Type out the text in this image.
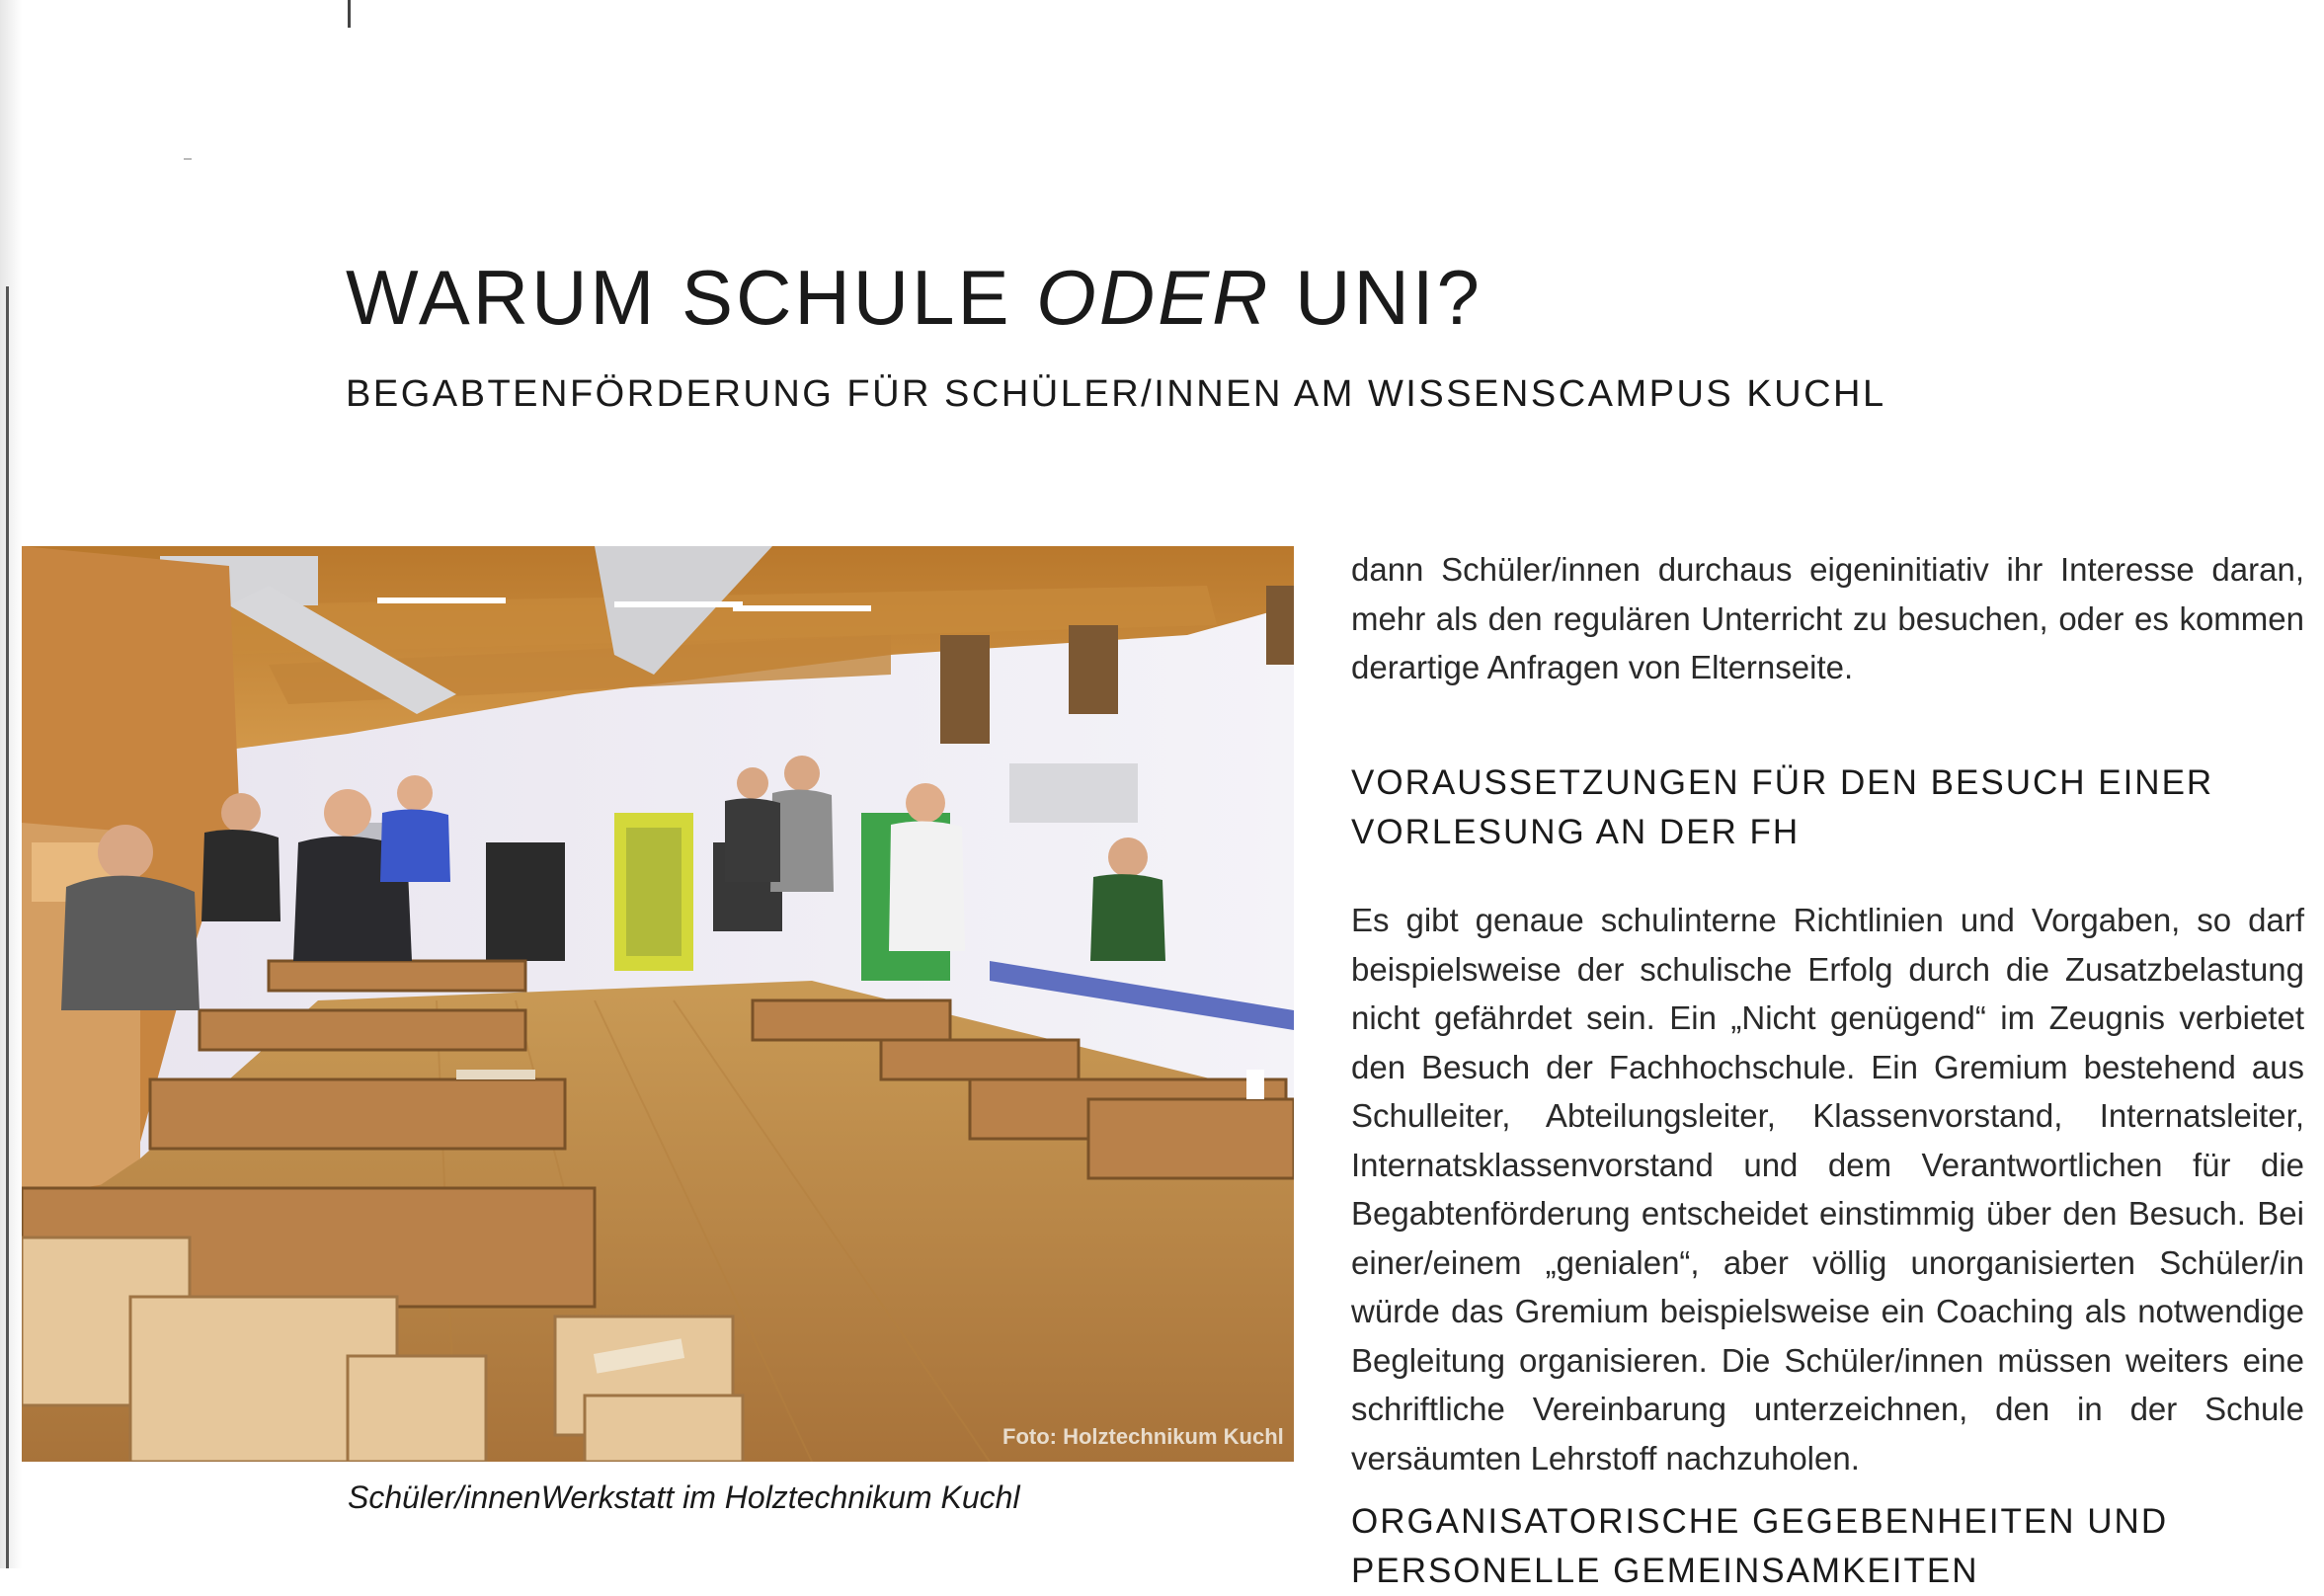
WARUM SCHULE ODER UNI?
BEGABTENFÖRDERUNG FÜR SCHÜLER/INNEN AM WISSENSCAMPUS KUCHL
Foto: Holztechnikum Kuchl
Schüler/innenWerkstatt im Holztechnikum Kuchl

dann Schüler/innen durchaus eigeninitiativ ihr Interesse daran, mehr als den regulären Unterricht zu besuchen, oder es kommen derartige Anfragen von Elternseite.

VORAUSSETZUNGEN FÜR DEN BESUCH EINER
VORLESUNG AN DER FH

Es gibt genaue schulinterne Richtlinien und Vorgaben, so darf beispielsweise der schulische Erfolg durch die Zusatzbelastung nicht gefährdet sein. Ein „Nicht genügend“ im Zeugnis verbietet den Besuch der Fachhochschule. Ein Gremium bestehend aus Schulleiter, Abteilungsleiter, Klassenvorstand, Internatsleiter, Internatsklassenvorstand und dem Verantwortlichen für die Begabtenförderung entscheidet einstimmig über den Besuch. Bei einer/einem „genialen“, aber völlig unorganisierten Schüler/in würde das Gremium beispielsweise ein Coaching als notwendige Begleitung organisieren. Die Schüler/innen müssen weiters eine schriftliche Vereinbarung unterzeichnen, den in der Schule versäumten Lehrstoff nachzuholen.

ORGANISATORISCHE GEGEBENHEITEN UND
PERSONELLE GEMEINSAMKEITEN
